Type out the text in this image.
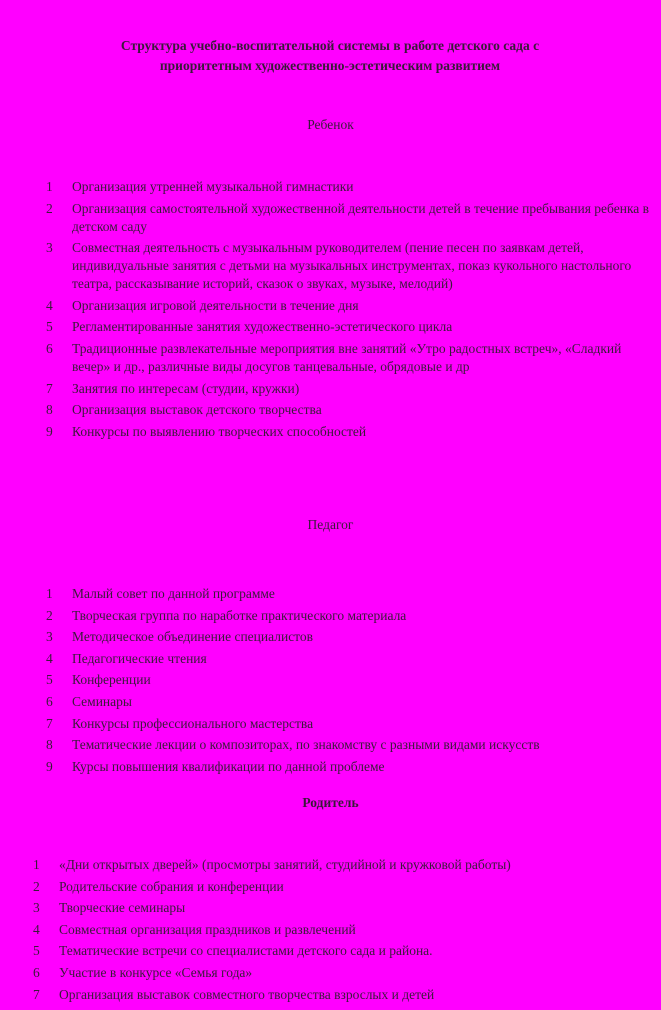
Структура учебно-воспитательной системы в работе детского сада с
приоритетным художественно-эстетическим развитием
Ребенок
1	Организация утренней музыкальной гимнастики
2	Организация самостоятельной художественной деятельности детей в течение пребывания ребенка в детском саду
3	Совместная деятельность с музыкальным руководителем (пение песен по заявкам детей, индивидуальные занятия с детьми на музыкальных инструментах, показ кукольного настольного театра, рассказывание историй, сказок о звуках, музыке, мелодий)
4	Организация игровой деятельности в течение дня
5	Регламентированные занятия художественно-эстетического цикла
6	Традиционные развлекательные мероприятия вне занятий «Утро радостных встреч», «Сладкий вечер» и др., различные виды досугов танцевальные, обрядовые и др
7	Занятия по интересам (студии, кружки)
8	Организация выставок детского творчества
9	Конкурсы по выявлению творческих способностей
Педагог
1	Малый совет по данной программе
2	Творческая группа по наработке практического материала
3	Методическое объединение специалистов
4	Педагогические чтения
5	Конференции
6	Семинары
7	Конкурсы профессионального мастерства
8	Тематические лекции о композиторах, по знакомству с разными видами искусств
9	Курсы повышения квалификации по данной проблеме
Родитель
1	«Дни открытых дверей» (просмотры занятий, студийной и кружковой работы)
2	Родительские собрания и конференции
3	Творческие семинары
4	Совместная организация праздников и развлечений
5	Тематические встречи со специалистами детского сада и района.
6	Участие в конкурсе «Семья года»
7	Организация выставок совместного творчества взрослых и детей
